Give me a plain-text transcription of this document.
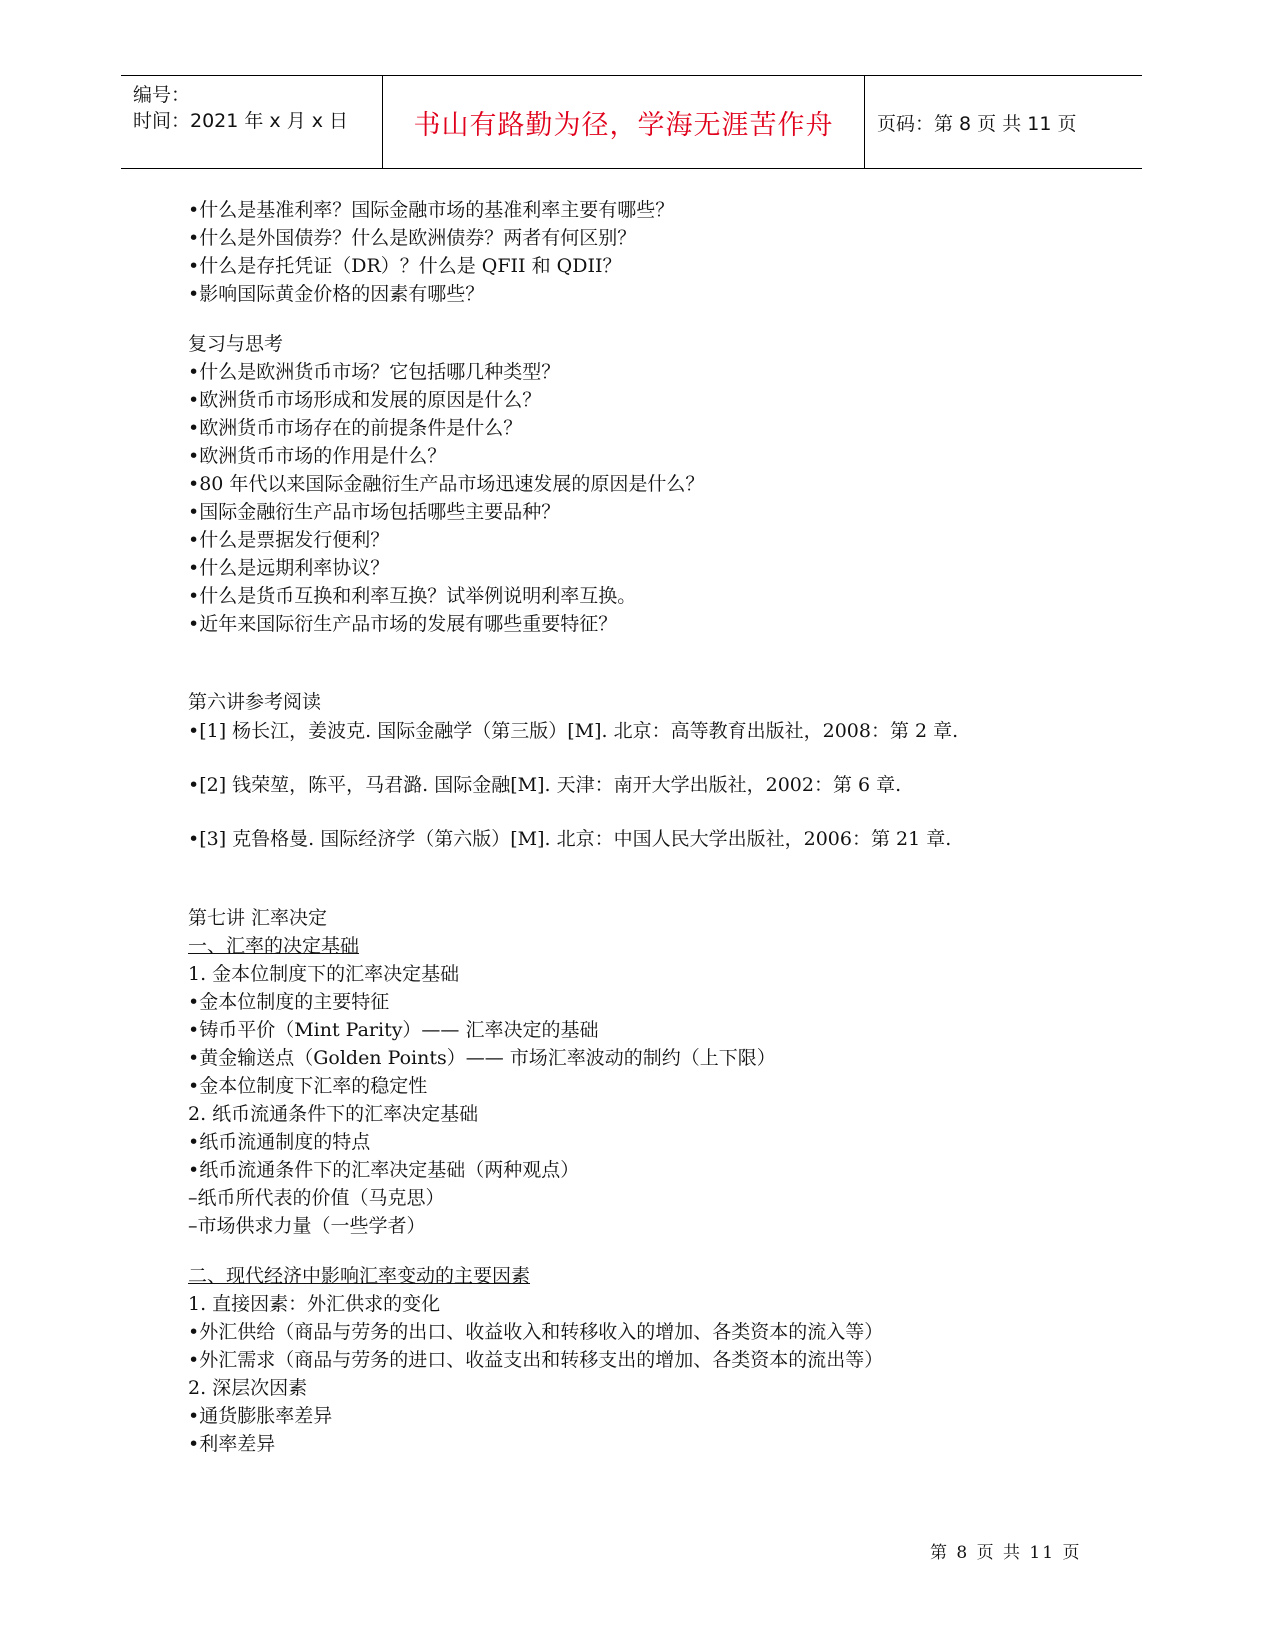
编号：
时间：2021 年 x 月 x 日	书山有路勤为径，学海无涯苦作舟	页码：第 8 页 共 11 页
•什么是基准利率？国际金融市场的基准利率主要有哪些？
•什么是外国债券？什么是欧洲债券？两者有何区别？
•什么是存托凭证（DR）？什么是 QFII 和 QDII？
•影响国际黄金价格的因素有哪些？
复习与思考
•什么是欧洲货币市场？它包括哪几种类型？
•欧洲货币市场形成和发展的原因是什么？
•欧洲货币市场存在的前提条件是什么？
•欧洲货币市场的作用是什么？
•80 年代以来国际金融衍生产品市场迅速发展的原因是什么？
•国际金融衍生产品市场包括哪些主要品种？
•什么是票据发行便利？
•什么是远期利率协议？
•什么是货币互换和利率互换？试举例说明利率互换。
•近年来国际衍生产品市场的发展有哪些重要特征？
第六讲参考阅读
•[1] 杨长江，姜波克. 国际金融学（第三版）[M]. 北京：高等教育出版社，2008：第 2 章.
•[2] 钱荣堃，陈平，马君潞. 国际金融[M]. 天津：南开大学出版社，2002：第 6 章.
•[3] 克鲁格曼. 国际经济学（第六版）[M]. 北京：中国人民大学出版社，2006：第 21 章.
第七讲 汇率决定
一、汇率的决定基础
1. 金本位制度下的汇率决定基础
•金本位制度的主要特征
•铸币平价（Mint Parity）—— 汇率决定的基础
•黄金输送点（Golden Points）—— 市场汇率波动的制约（上下限）
•金本位制度下汇率的稳定性
2. 纸币流通条件下的汇率决定基础
•纸币流通制度的特点
•纸币流通条件下的汇率决定基础（两种观点）
–纸币所代表的价值（马克思）
–市场供求力量（一些学者）
二、现代经济中影响汇率变动的主要因素
1. 直接因素：外汇供求的变化
•外汇供给（商品与劳务的出口、收益收入和转移收入的增加、各类资本的流入等）
•外汇需求（商品与劳务的进口、收益支出和转移支出的增加、各类资本的流出等）
2. 深层次因素
•通货膨胀率差异
•利率差异
第 8 页 共 11 页
